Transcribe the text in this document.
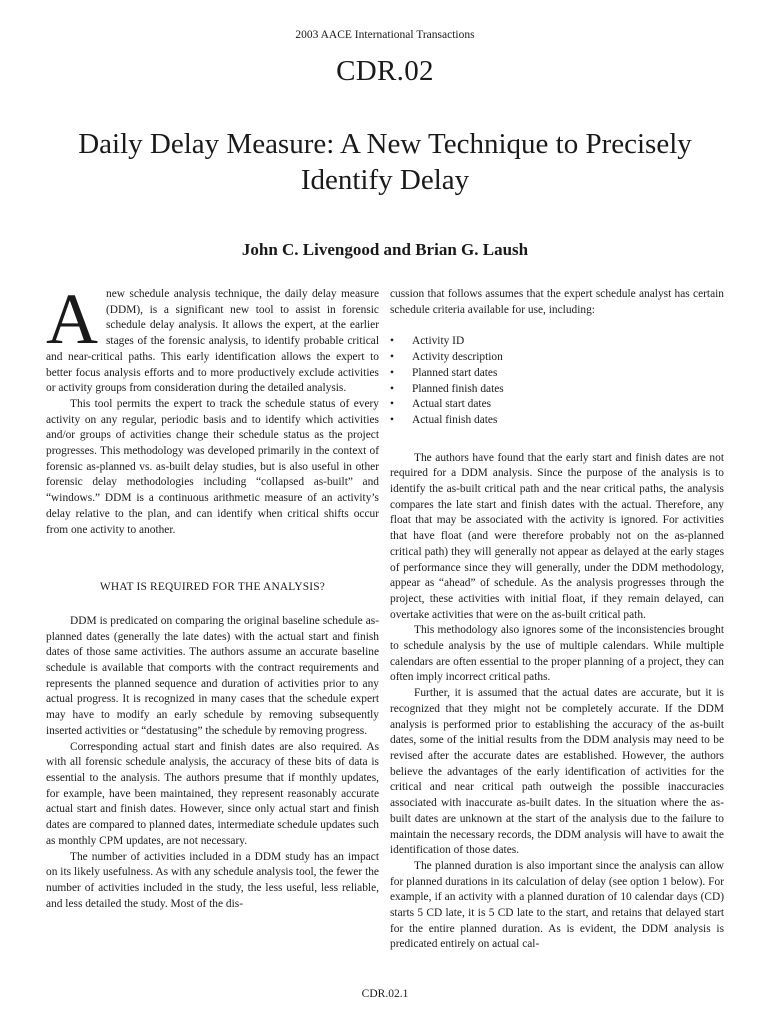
2003 AACE International Transactions
CDR.02
Daily Delay Measure: A New Technique to Precisely Identify Delay
John C. Livengood and Brian G. Laush

Anew schedule analysis technique, the daily delay measure (DDM), is a significant new tool to assist in forensic schedule delay analysis. It allows the expert, at the earlier stages of the forensic analysis, to identify probable critical and near-critical paths. This early identification allows the expert to better focus analysis efforts and to more productively exclude activities or activity groups from consideration during the detailed analysis.

This tool permits the expert to track the schedule status of every activity on any regular, periodic basis and to identify which activities and/or groups of activities change their schedule status as the project progresses. This methodology was developed primarily in the context of forensic as-planned vs. as-built delay studies, but is also useful in other forensic delay methodologies including “collapsed as-built” and “windows.” DDM is a continuous arithmetic measure of an activity’s delay relative to the plan, and can identify when critical shifts occur from one activity to another.

WHAT IS REQUIRED FOR THE ANALYSIS?

DDM is predicated on comparing the original baseline schedule as-planned dates (generally the late dates) with the actual start and finish dates of those same activities. The authors assume an accurate baseline schedule is available that comports with the contract requirements and represents the planned sequence and duration of activities prior to any actual progress. It is recognized in many cases that the schedule expert may have to modify an early schedule by removing subsequently inserted activities or “destatusing” the schedule by removing progress.

Corresponding actual start and finish dates are also required. As with all forensic schedule analysis, the accuracy of these bits of data is essential to the analysis. The authors presume that if monthly updates, for example, have been maintained, they represent reasonably accurate actual start and finish dates. However, since only actual start and finish dates are compared to planned dates, intermediate schedule updates such as monthly CPM updates, are not necessary.

The number of activities included in a DDM study has an impact on its likely usefulness. As with any schedule analysis tool, the fewer the number of activities included in the study, the less useful, less reliable, and less detailed the study. Most of the dis-

cussion that follows assumes that the expert schedule analyst has certain schedule criteria available for use, including:

• Activity ID
• Activity description
• Planned start dates
• Planned finish dates
• Actual start dates
• Actual finish dates

The authors have found that the early start and finish dates are not required for a DDM analysis. Since the purpose of the analysis is to identify the as-built critical path and the near critical paths, the analysis compares the late start and finish dates with the actual. Therefore, any float that may be associated with the activity is ignored. For activities that have float (and were therefore probably not on the as-planned critical path) they will generally not appear as delayed at the early stages of performance since they will generally, under the DDM methodology, appear as “ahead” of schedule. As the analysis progresses through the project, these activities with initial float, if they remain delayed, can overtake activities that were on the as-built critical path.

This methodology also ignores some of the inconsistencies brought to schedule analysis by the use of multiple calendars. While multiple calendars are often essential to the proper planning of a project, they can often imply incorrect critical paths.

Further, it is assumed that the actual dates are accurate, but it is recognized that they might not be completely accurate. If the DDM analysis is performed prior to establishing the accuracy of the as-built dates, some of the initial results from the DDM analysis may need to be revised after the accurate dates are established. However, the authors believe the advantages of the early identification of activities for the critical and near critical path outweigh the possible inaccuracies associated with inaccurate as-built dates. In the situation where the as-built dates are unknown at the start of the analysis due to the failure to maintain the necessary records, the DDM analysis will have to await the identification of those dates.

The planned duration is also important since the analysis can allow for planned durations in its calculation of delay (see option 1 below). For example, if an activity with a planned duration of 10 calendar days (CD) starts 5 CD late, it is 5 CD late to the start, and retains that delayed start for the entire planned duration. As is evident, the DDM analysis is predicated entirely on actual cal-

CDR.02.1
